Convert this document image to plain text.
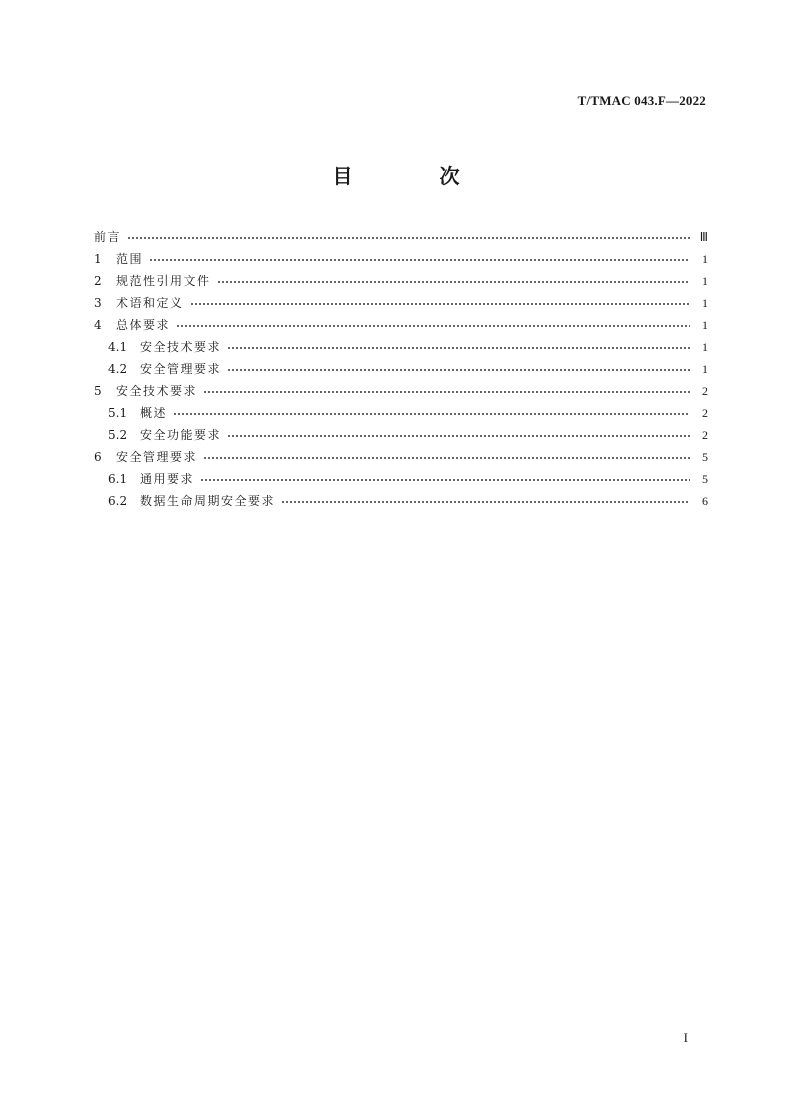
T/TMAC 043.F—2022
目 次
前言	Ⅲ
1	范围	1
2	规范性引用文件	1
3	术语和定义	1
4	总体要求	1
4.1	安全技术要求	1
4.2	安全管理要求	1
5	安全技术要求	2
5.1	概述	2
5.2	安全功能要求	2
6	安全管理要求	5
6.1	通用要求	5
6.2	数据生命周期安全要求	6
I
